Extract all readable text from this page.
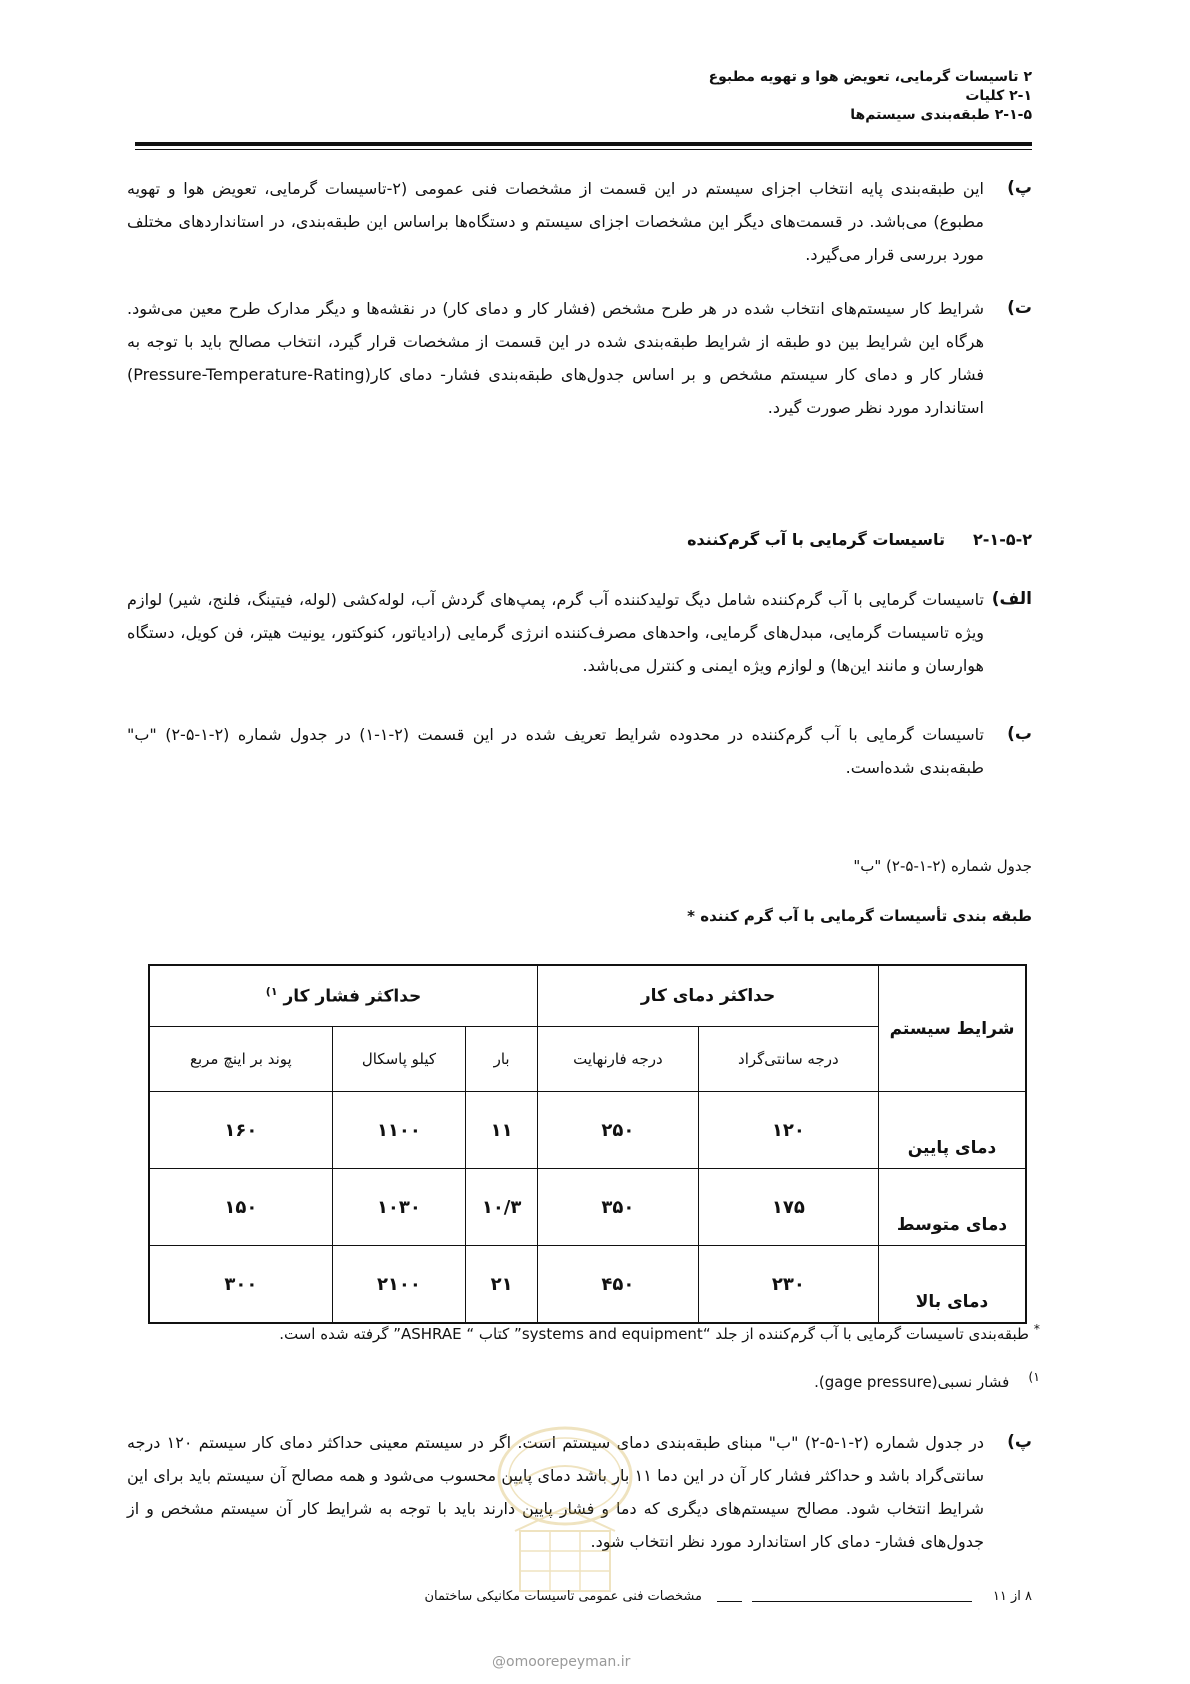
۲ تاسیسات گرمایی، تعویض هوا و تهویه مطبوع
۲-۱ کلیات
۲-۱-۵ طبقه‌بندی سیستم‌ها
پ)
این طبقه‌بندی پایه انتخاب اجزای سیستم در این قسمت از مشخصات فنی عمومی (۲-تاسیسات گرمایی، تعویض هوا و تهویه مطبوع) می‌باشد. در قسمت‌های دیگر این مشخصات اجزای سیستم و دستگاه‌ها براساس این طبقه‌بندی، در استانداردهای مختلف مورد بررسی قرار می‌گیرد.
ت)
شرایط کار سیستم‌های انتخاب شده در هر طرح مشخص (فشار کار و دمای کار) در نقشه‌ها و دیگر مدارک طرح معین می‌شود. هرگاه این شرایط بین دو طبقه از شرایط طبقه‌بندی شده در این قسمت از مشخصات قرار گیرد، انتخاب مصالح باید با توجه به فشار کار و دمای کار سیستم مشخص و بر اساس جدول‌های طبقه‌بندی فشار- دمای کار(Pressure-Temperature-Rating) استاندارد مورد نظر صورت گیرد.
۲-۱-۵-۲
تاسیسات گرمایی با آب گرم‌کننده
الف)
تاسیسات گرمایی با آب گرم‌کننده شامل دیگ تولیدکننده آب گرم، پمپ‌های گردش آب، لوله‌کشی (لوله، فیتینگ، فلنج، شیر) لوازم ویژه تاسیسات گرمایی، مبدل‌های گرمایی، واحدهای مصرف‌کننده انرژی گرمایی (رادیاتور، کنوکتور، یونیت هیتر، فن کویل، دستگاه هوارسان و مانند این‌ها) و لوازم ویژه ایمنی و کنترل می‌باشد.
ب)
تاسیسات گرمایی با آب گرم‌کننده در محدوده شرایط تعریف شده در این قسمت (۲-۱-۱) در جدول شماره (۲-۱-۵-۲) "ب" طبقه‌بندی شده‌است.
جدول شماره (۲-۱-۵-۲) "ب"
طبقه بندی تأسیسات گرمایی با آب گرم کننده *
شرایط سیستم	حداکثر دمای کار		حداکثر فشار کار $^{۱)}$
	درجه سانتی‌گراد	درجه فارنهایت	بار	کیلو پاسکال	پوند بر اینچ مربع
دمای پایین	۱۲۰	۲۵۰	۱۱	۱۱۰۰	۱۶۰
دمای متوسط	۱۷۵	۳۵۰	۱۰/۳	۱۰۳۰	۱۵۰
دمای بالا	۲۳۰	۴۵۰	۲۱	۲۱۰۰	۳۰۰
* طبقه‌بندی تاسیسات گرمایی با آب گرم‌کننده از جلد “systems and equipment” کتاب “ ASHRAE” گرفته شده است.
$^{۱)}$    فشار نسبی(gage pressure).
پ)
در جدول شماره (۲-۱-۵-۲) "ب" مبنای طبقه‌بندی دمای سیستم است. اگر در سیستم معینی حداکثر دمای کار سیستم ۱۲۰ درجه سانتی‌گراد باشد و حداکثر فشار کار آن در این دما ۱۱ بار باشد دمای پایین محسوب می‌شود و همه مصالح آن سیستم باید برای این شرایط انتخاب شود. مصالح سیستم‌های دیگری که دما و فشار پایین دارند باید با توجه به شرایط کار آن سیستم مشخص و از جدول‌های فشار- دمای کار استاندارد مورد نظر انتخاب شود.
۸ از ۱۱
مشخصات فنی عمومی تاسیسات مکانیکی ساختمان
@omoorepeyman.ir
